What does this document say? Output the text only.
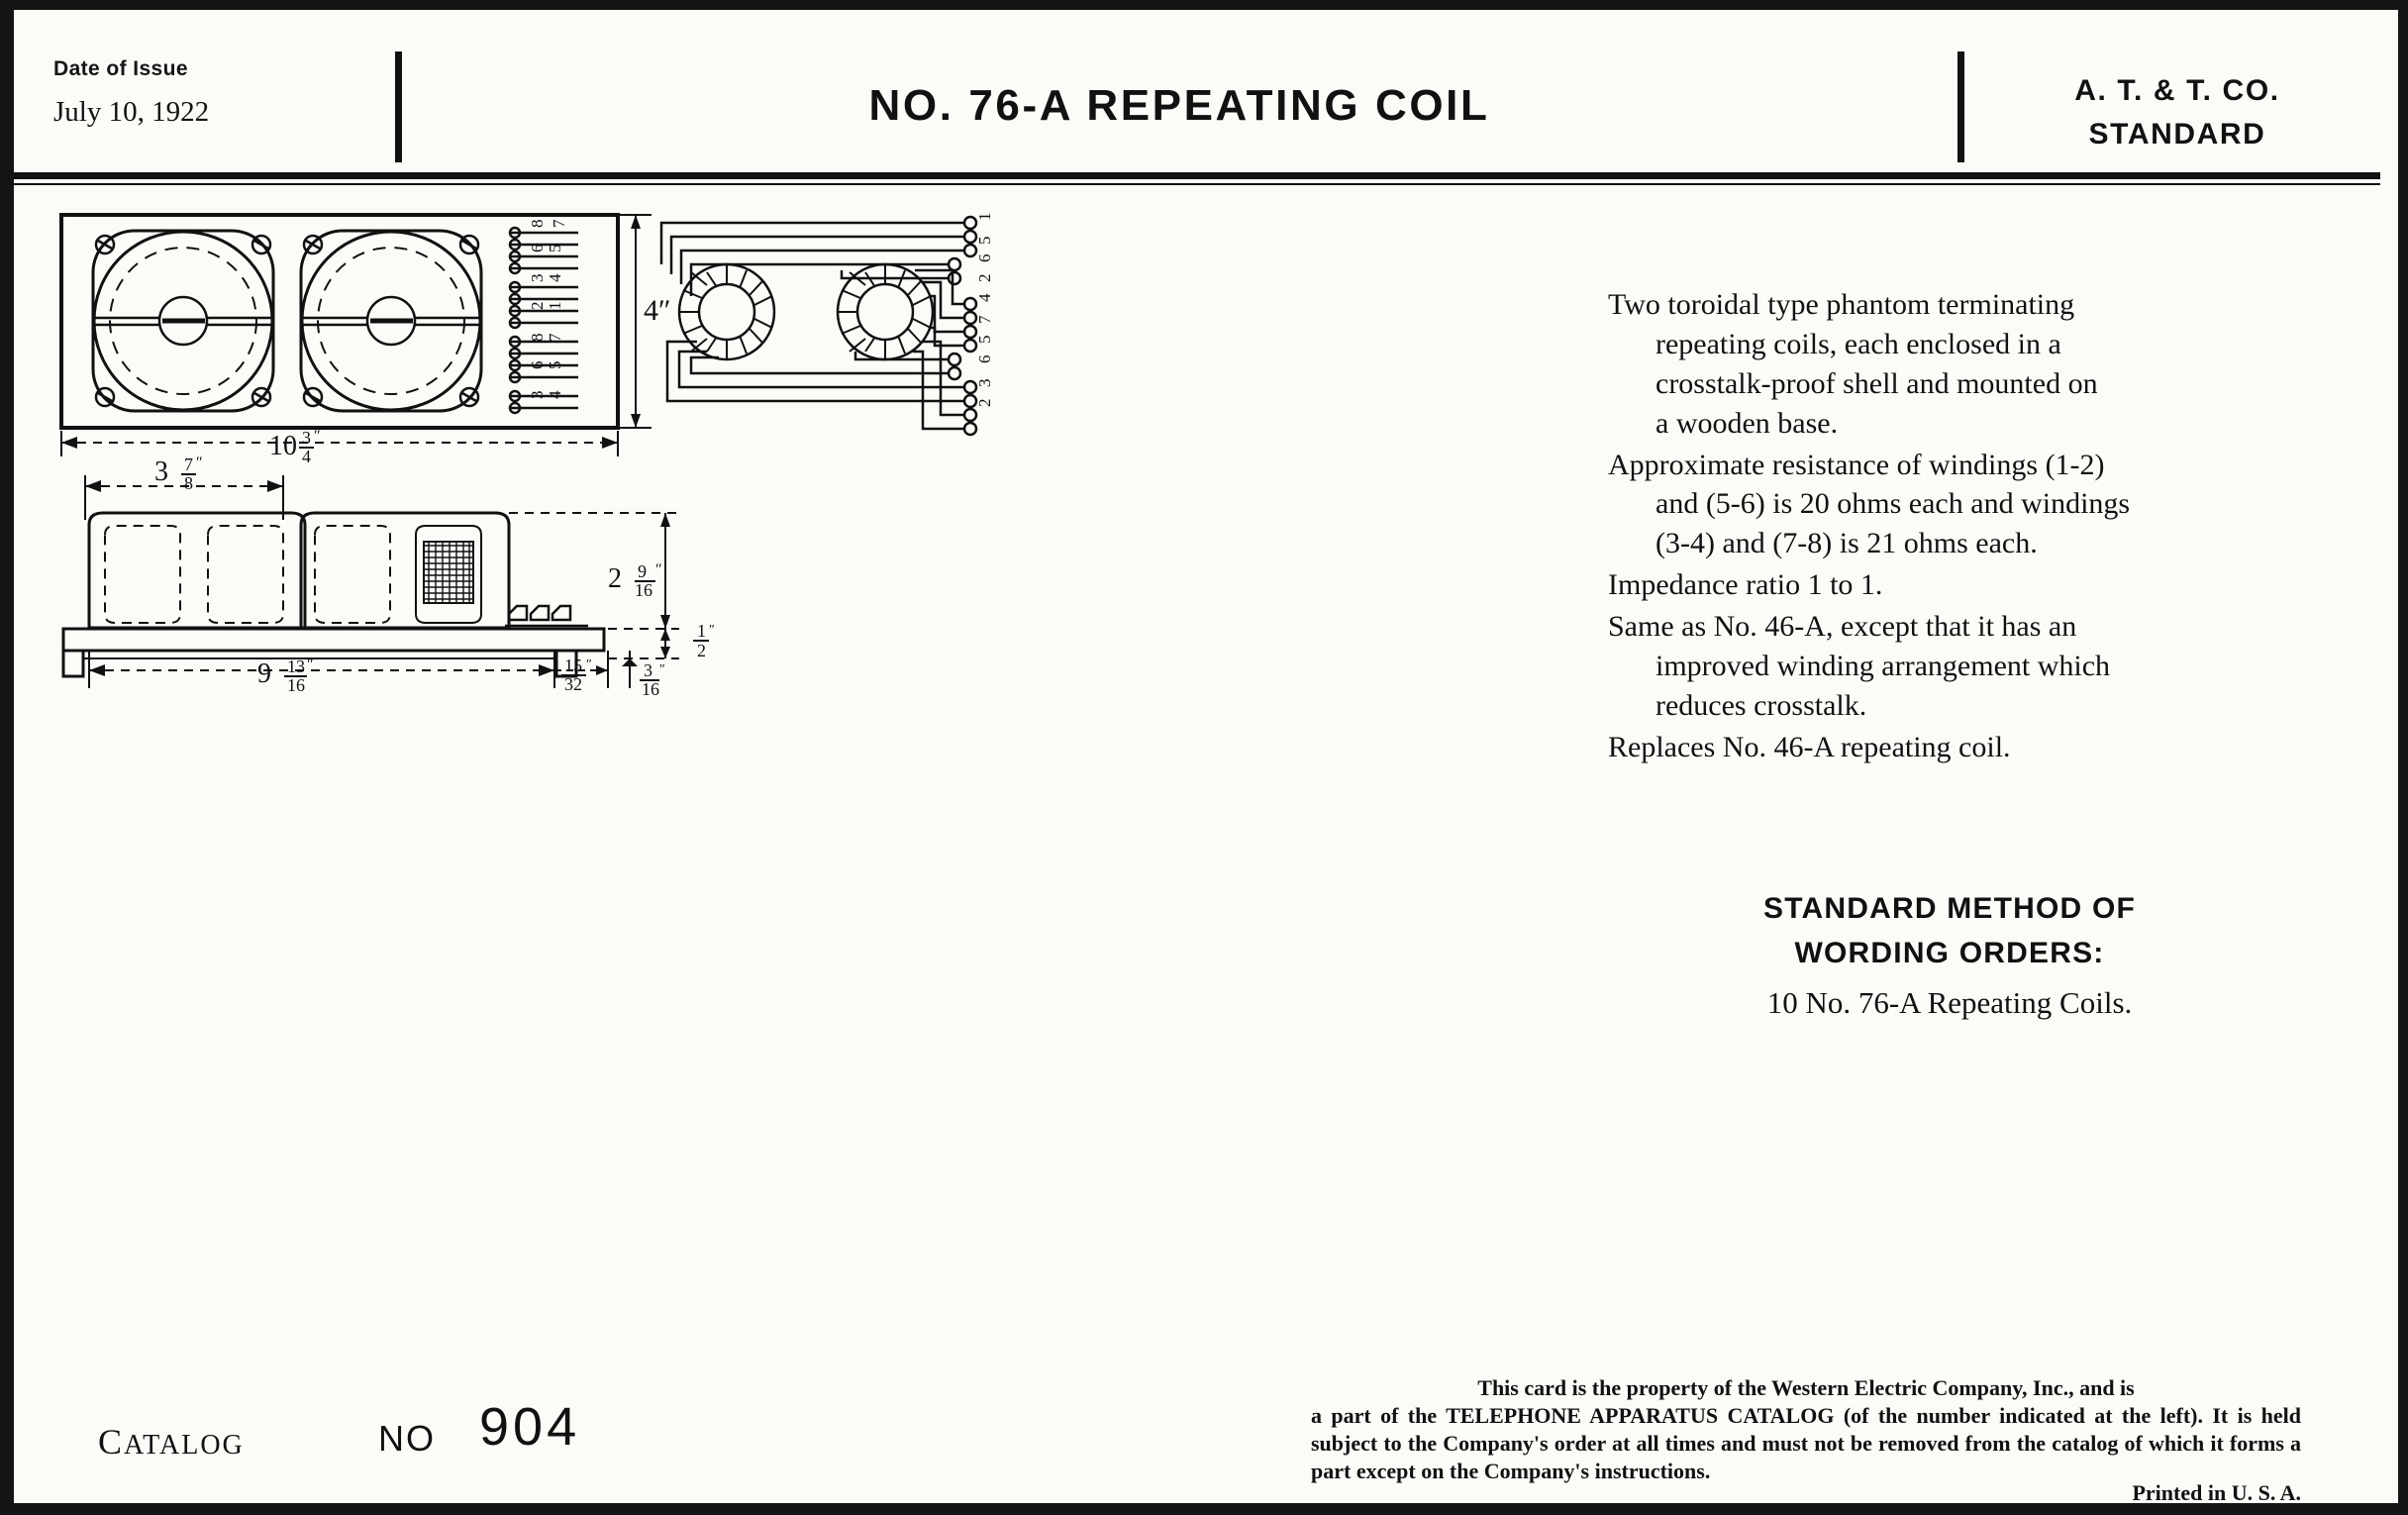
Date of Issue
July 10, 1922	NO. 76-A REPEATING COIL	A. T. & T. CO.
STANDARD
8 7
6 5
3 4
2 1
8 7
6 5
3 4
4″
10 3
4
″
1
5
6
2
4
7
5
6
3
2
3 7
8
″
2 9
16
″
1
2
″
9 13
16
″	15
32
″	3
16
″

Two toroidal type phantom terminating

repeating coils, each enclosed in a
crosstalk-proof shell and mounted on
a wooden base.

Approximate resistance of windings (1-2)

and (5-6) is 20 ohms each and windings
(3-4) and (7-8) is 21 ohms each.

Impedance ratio 1 to 1.

Same as No. 46-A, except that it has an

improved winding arrangement which
reduces crosstalk.

Replaces No. 46-A repeating coil.

STANDARD METHOD OF
WORDING ORDERS:
10 No. 76-A Repeating Coils.
CATALOG	NO 904
This card is the property of the Western Electric Company, Inc., and is
a part of the TELEPHONE APPARATUS CATALOG (of the number indicated at the left). It is held subject to the Company's order at all times and must not be removed from the catalog of which it forms a part except on the Company's instructions.
Printed in U. S. A.
